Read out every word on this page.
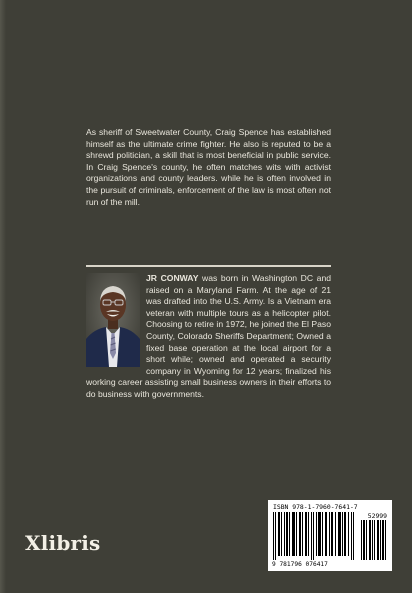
As sheriff of Sweetwater County, Craig Spence has established himself as the ultimate crime fighter. He also is reputed to be a shrewd politician, a skill that is most beneficial in public service. In Craig Spence's county, he often matches wits with activist organizations and county leaders. while he is often involved in the pursuit of criminals, enforcement of the law is most often not run of the mill.
JR CONWAY was born in Washington DC and raised on a Maryland Farm. At the age of 21 was drafted into the U.S. Army. Is a Vietnam era veteran with multiple tours as a helicopter pilot. Choosing to retire in 1972, he joined the El Paso County, Colorado Sheriffs Department; Owned a fixed base operation at the local airport for a short while; owned and operated a security company in Wyoming for 12 years; finalized his working career assisting small business owners in their efforts to do business with governments.
Xlibris
ISBN 978-1-7960-7641-7
52999
9 781796 076417
